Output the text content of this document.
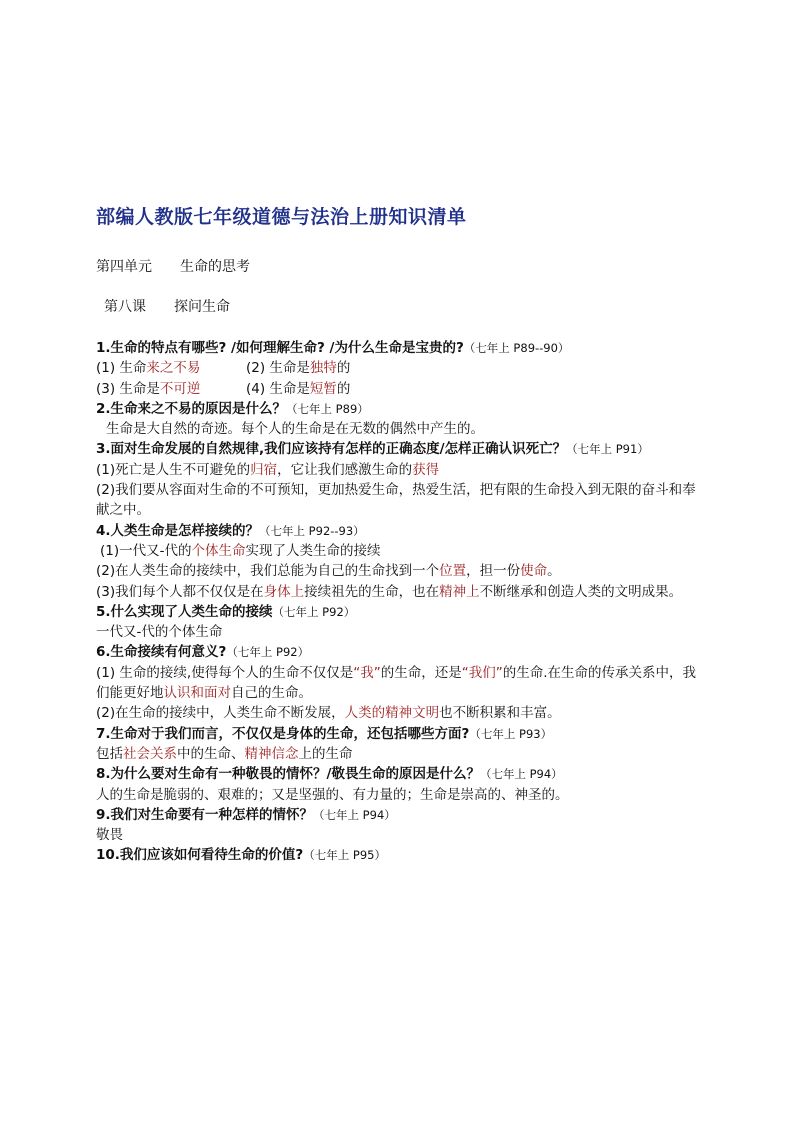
部编人教版七年级道德与法治上册知识清单
第四单元 生命的思考
第八课 探问生命
1.生命的特点有哪些? /如何理解生命? /为什么生命是宝贵的?（七年上 P89--90）
(1) 生命来之不易	(2) 生命是独特的
(3) 生命是不可逆	(4) 生命是短暂的
2.生命来之不易的原因是什么？（七年上 P89）
生命是大自然的奇迹。每个人的生命是在无数的偶然中产生的。
3.面对生命发展的自然规律,我们应该持有怎样的正确态度/怎样正确认识死亡？（七年上 P91）
(1)死亡是人生不可避免的归宿，它让我们感激生命的获得
(2)我们要从容面对生命的不可预知，更加热爱生命，热爱生活，把有限的生命投入到无限的奋斗和奉献之中。
4.人类生命是怎样接续的？（七年上 P92--93）
(1)一代又-代的个体生命实现了人类生命的接续
(2)在人类生命的接续中，我们总能为自己的生命找到一个位置，担一份使命。
(3)我们每个人都不仅仅是在身体上接续祖先的生命，也在精神上不断继承和创造人类的文明成果。
5.什么实现了人类生命的接续（七年上 P92）
一代又-代的个体生命
6.生命接续有何意义?（七年上 P92）
(1) 生命的接续,使得每个人的生命不仅仅是“我”的生命，还是“我们”的生命.在生命的传承关系中，我们能更好地认识和面对自己的生命。
(2)在生命的接续中，人类生命不断发展，人类的精神文明也不断积累和丰富。
7.生命对于我们而言，不仅仅是身体的生命，还包括哪些方面?（七年上 P93）
包括社会关系中的生命、精神信念上的生命
8.为什么要对生命有一种敬畏的情怀？/敬畏生命的原因是什么？（七年上 P94）
人的生命是脆弱的、艰难的；又是坚强的、有力量的；生命是崇高的、神圣的。
9.我们对生命要有一种怎样的情怀？（七年上 P94）
敬畏
10.我们应该如何看待生命的价值?（七年上 P95）
